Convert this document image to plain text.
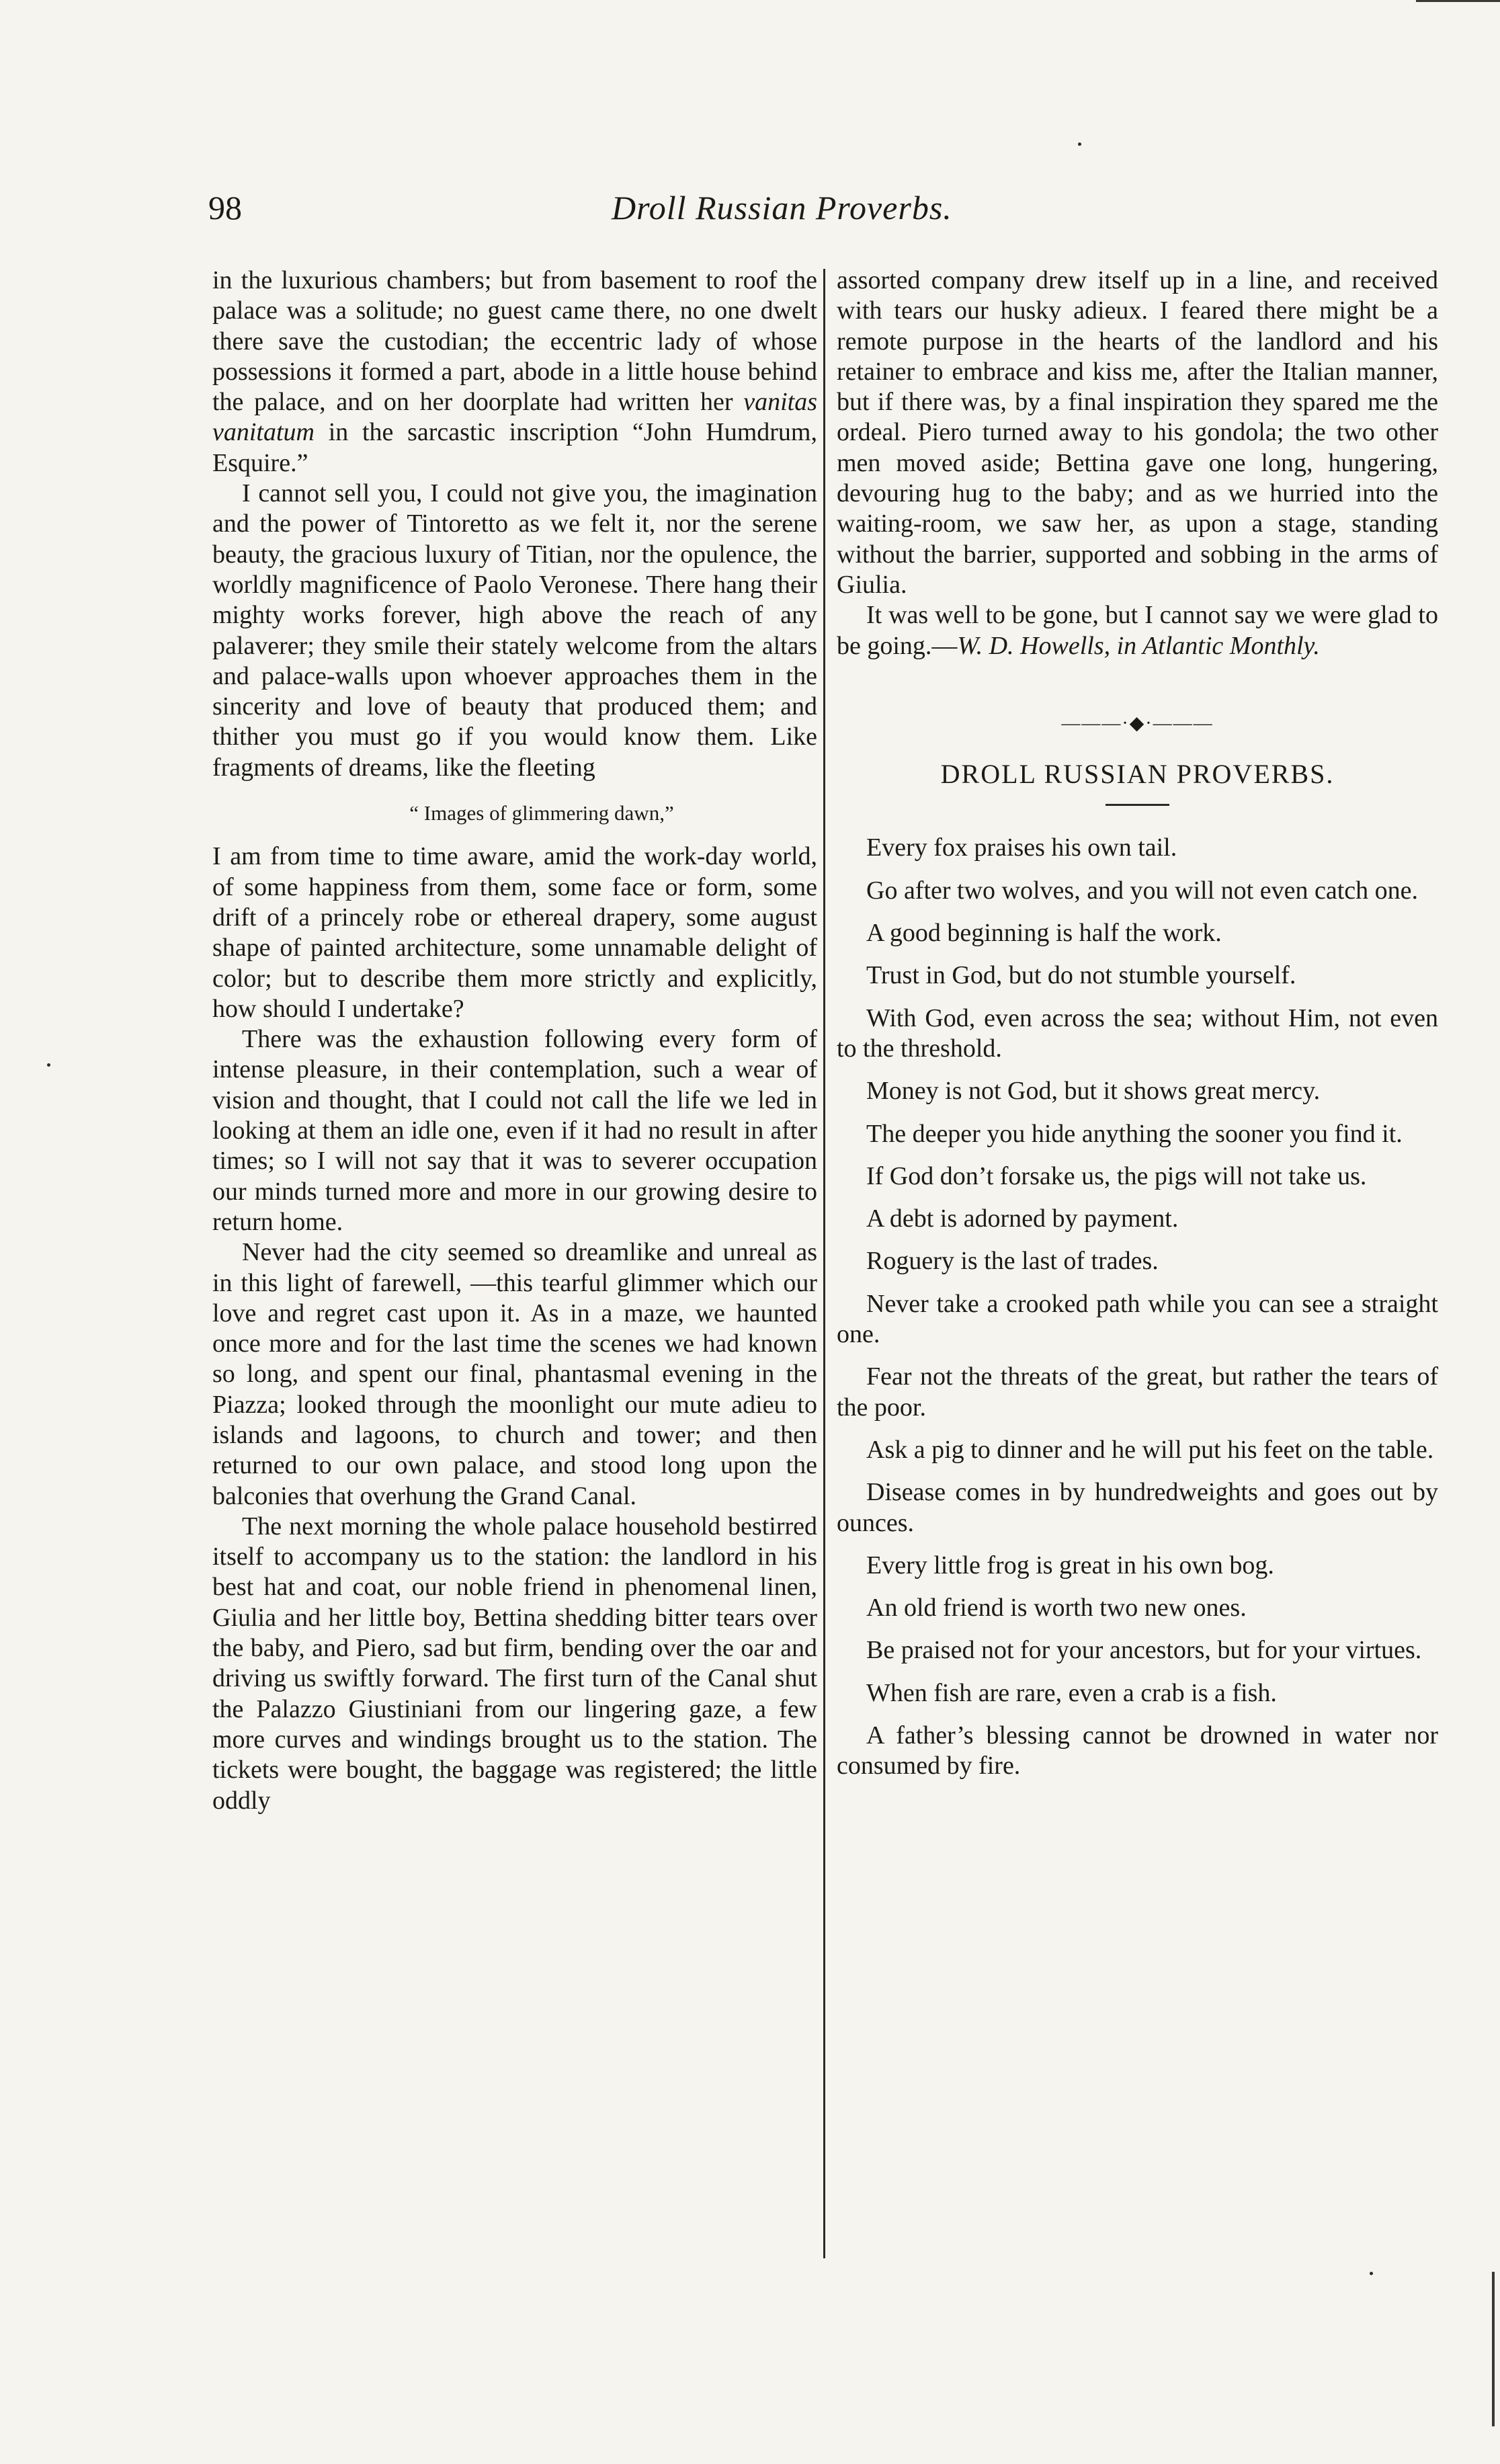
98	Droll Russian Proverbs.

in the luxurious chambers; but from basement to roof the palace was a solitude; no guest came there, no one dwelt there save the custodian; the eccentric lady of whose possessions it formed a part, abode in a little house behind the palace, and on her doorplate had written her vanitas vanitatum in the sarcastic inscription “John Humdrum, Esquire.”

I cannot sell you, I could not give you, the imagination and the power of Tintoretto as we felt it, nor the serene beauty, the gracious luxury of Titian, nor the opulence, the worldly magnificence of Paolo Veronese. There hang their mighty works forever, high above the reach of any palaverer; they smile their stately welcome from the altars and palace-walls upon whoever approaches them in the sincerity and love of beauty that produced them; and thither you must go if you would know them. Like fragments of dreams, like the fleeting

“ Images of glimmering dawn,”

I am from time to time aware, amid the work-day world, of some happiness from them, some face or form, some drift of a princely robe or ethereal drapery, some august shape of painted architecture, some unnamable delight of color; but to describe them more strictly and explicitly, how should I undertake?

There was the exhaustion following every form of intense pleasure, in their contemplation, such a wear of vision and thought, that I could not call the life we led in looking at them an idle one, even if it had no result in after times; so I will not say that it was to severer occupation our minds turned more and more in our growing desire to return home.

Never had the city seemed so dreamlike and unreal as in this light of farewell, —this tearful glimmer which our love and regret cast upon it. As in a maze, we haunted once more and for the last time the scenes we had known so long, and spent our final, phantasmal evening in the Piazza; looked through the moonlight our mute adieu to islands and lagoons, to church and tower; and then returned to our own palace, and stood long upon the balconies that overhung the Grand Canal.

The next morning the whole palace household bestirred itself to accompany us to the station: the landlord in his best hat and coat, our noble friend in phenomenal linen, Giulia and her little boy, Bettina shedding bitter tears over the baby, and Piero, sad but firm, bending over the oar and driving us swiftly forward. The first turn of the Canal shut the Palazzo Giustiniani from our lingering gaze, a few more curves and windings brought us to the station. The tickets were bought, the baggage was registered; the little oddly

assorted company drew itself up in a line, and received with tears our husky adieux. I feared there might be a remote purpose in the hearts of the landlord and his retainer to embrace and kiss me, after the Italian manner, but if there was, by a final inspiration they spared me the ordeal. Piero turned away to his gondola; the two other men moved aside; Bettina gave one long, hungering, devouring hug to the baby; and as we hurried into the waiting-room, we saw her, as upon a stage, standing without the barrier, supported and sobbing in the arms of Giulia.

It was well to be gone, but I cannot say we were glad to be going.—W. D. Howells, in Atlantic Monthly.

———·◆·———
DROLL RUSSIAN PROVERBS.

Every fox praises his own tail.

Go after two wolves, and you will not even catch one.

A good beginning is half the work.

Trust in God, but do not stumble yourself.

With God, even across the sea; without Him, not even to the threshold.

Money is not God, but it shows great mercy.

The deeper you hide anything the sooner you find it.

If God don’t forsake us, the pigs will not take us.

A debt is adorned by payment.

Roguery is the last of trades.

Never take a crooked path while you can see a straight one.

Fear not the threats of the great, but rather the tears of the poor.

Ask a pig to dinner and he will put his feet on the table.

Disease comes in by hundredweights and goes out by ounces.

Every little frog is great in his own bog.

An old friend is worth two new ones.

Be praised not for your ancestors, but for your virtues.

When fish are rare, even a crab is a fish.

A father’s blessing cannot be drowned in water nor consumed by fire.
